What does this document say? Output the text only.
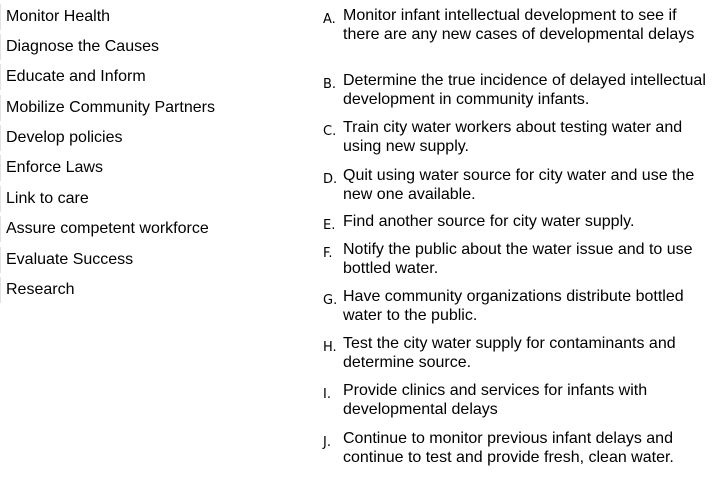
Monitor Health
Diagnose the Causes
Educate and Inform
Mobilize Community Partners
Develop policies
Enforce Laws
Link to care
Assure competent workforce
Evaluate Success
Research
A. Monitor infant intellectual development to see if there are any new cases of developmental delays
B. Determine the true incidence of delayed intellectual development in community infants.
C. Train city water workers about testing water and using new supply.
D. Quit using water source for city water and use the new one available.
E. Find another source for city water supply.
F. Notify the public about the water issue and to use bottled water.
G. Have community organizations distribute bottled water to the public.
H. Test the city water supply for contaminants and determine source.
I. Provide clinics and services for infants with developmental delays
J. Continue to monitor previous infant delays and continue to test and provide fresh, clean water.
